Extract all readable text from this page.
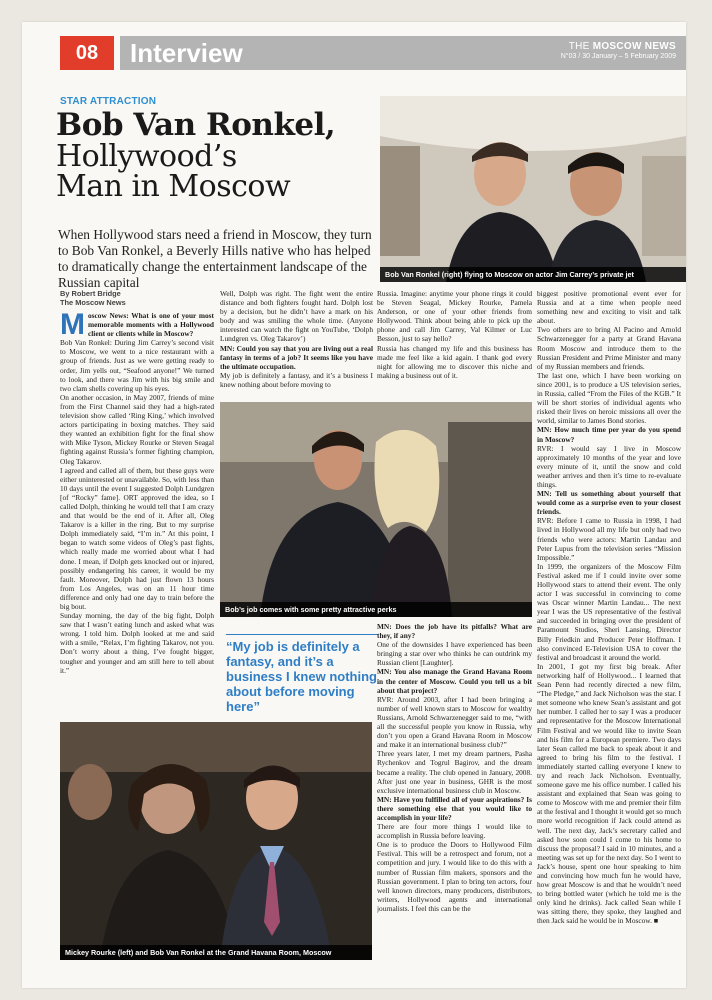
08	Interview	THE MOSCOW NEWS
N°03 / 30 January – 5 February 2009
STAR ATTRACTION
Bob Van Ronkel,
Hollywood’s
Man in Moscow
When Hollywood stars need a friend in Moscow, they turn to Bob Van Ronkel, a Beverly Hills native who has helped to dramatically change the entertainment landscape of the Russian capital
Bob Van Ronkel (right) flying to Moscow on actor Jim Carrey’s private jet
By Robert Bridge
The Moscow News

Moscow News: What is one of your most memorable moments with a Hollywood client or clients while in Moscow?

Bob Van Ronkel: During Jim Carrey’s second visit to Moscow, we went to a nice restaurant with a group of friends. Just as we were getting ready to order, Jim yells out, “Seafood anyone!” We turned to look, and there was Jim with his big smile and two clam shells covering up his eyes.

On another occasion, in May 2007, friends of mine from the First Channel said they had a high-rated television show called ‘Ring King,’ which involved actors participating in boxing matches. They said they wanted an exhibition fight for the final show with Mike Tyson, Mickey Rourke or Steven Seagal fighting against Russia’s former fighting champion, Oleg Takarov.

I agreed and called all of them, but these guys were either uninterested or unavailable. So, with less than 10 days until the event I suggested Dolph Lundgren [of “Rocky” fame]. ORT approved the idea, so I called Dolph, thinking he would tell that I am crazy and that would be the end of it. After all, Oleg Takarov is a killer in the ring. But to my surprise Dolph immediately said, “I’m in.” At this point, I began to watch some videos of Oleg’s past fights, which really made me worried about what I had done. I mean, if Dolph gets knocked out or injured, possibly endangering his career, it would be my fault. Moreover, Dolph had just flown 13 hours from Los Angeles, was on an 11 hour time difference and only had one day to train before the big bout.

Sunday morning, the day of the big fight, Dolph saw that I wasn’t eating lunch and asked what was wrong. I told him. Dolph looked at me and said with a smile, “Relax, I’m fighting Takarov, not you. Don’t worry about a thing, I’ve fought bigger, tougher and younger and am still here to tell about it.”

Well, Dolph was right. The fight went the entire distance and both fighters fought hard. Dolph lost by a decision, but he didn’t have a mark on his body and was smiling the whole time. (Anyone interested can watch the fight on YouTube, ‘Dolph Lundgren vs. Oleg Takarov’)

MN: Could you say that you are living out a real fantasy in terms of a job? It seems like you have the ultimate occupation.

My job is definitely a fantasy, and it’s a business I knew nothing about before moving to

Russia. Imagine: anytime your phone rings it could be Steven Seagal, Mickey Rourke, Pamela Anderson, or one of your other friends from Hollywood. Think about being able to pick up the phone and call Jim Carrey, Val Kilmer or Luc Besson, just to say hello?

Russia has changed my life and this business has made me feel like a kid again. I thank god every night for allowing me to discover this niche and making a business out of it.

Bob’s job comes with some pretty attractive perks
“My job is definitely a fantasy, and it’s a business I knew nothing about before moving here”

MN: Does the job have its pitfalls? What are they, if any?

One of the downsides I have experienced has been bringing a star over who thinks he can outdrink my Russian client [Laughter].

MN: You also manage the Grand Havana Room in the center of Moscow. Could you tell us a bit about that project?

RVR: Around 2003, after I had been bringing a number of well known stars to Moscow for wealthy Russians, Arnold Schwarzenegger said to me, “with all the successful people you know in Russia, why don’t you open a Grand Havana Room in Moscow and make it an international business club?”

Three years later, I met my dream partners, Pasha Rychenkov and Togrul Bagirov, and the dream became a reality. The club opened in January, 2008. After just one year in business, GHR is the most exclusive international business club in Moscow.

MN: Have you fulfilled all of your aspirations? Is there something else that you would like to accomplish in your life?

There are four more things I would like to accomplish in Russia before leaving.

One is to produce the Doors to Hollywood Film Festival. This will be a retrospect and forum, not a competition and jury. I would like to do this with a number of Russian film makers, sponsors and the Russian government. I plan to bring ten actors, four well known directors, many producers, distributors, writers, Hollywood agents and international journalists. I feel this can be the

biggest positive promotional event ever for Russia and at a time when people need something new and exciting to visit and talk about.

Two others are to bring Al Pacino and Arnold Schwarzenegger for a party at Grand Havana Room Moscow and introduce them to the Russian President and Prime Minister and many of my Russian members and friends.

The last one, which I have been working on since 2001, is to produce a US television series, in Russia, called “From the Files of the KGB.” It will be short stories of individual agents who risked their lives on heroic missions all over the world, similar to James Bond stories.

MN: How much time per year do you spend in Moscow?

RVR: I would say I live in Moscow approximately 10 months of the year and love every minute of it, until the snow and cold weather arrives and then it’s time to re-evaluate things.

MN: Tell us something about yourself that would come as a surprise even to your closest friends.

RVR: Before I came to Russia in 1998, I had lived in Hollywood all my life but only had two friends who were actors: Martin Landau and Peter Lupus from the television series “Mission Impossible.”

In 1999, the organizers of the Moscow Film Festival asked me if I could invite over some Hollywood stars to attend their event. The only actor I was successful in convincing to come was Oscar winner Martin Landau... The next year I was the US representative of the festival and succeeded in bringing over the president of Paramount Studios, Sheri Lansing, Director Billy Friedkin and Producer Peter Hoffman. I also convinced E-Television USA to cover the festival and broadcast it around the world.

In 2001, I got my first big break. After networking half of Hollywood... I learned that Sean Penn had recently directed a new film, “The Pledge,” and Jack Nicholson was the star. I met someone who knew Sean’s assistant and got her number. I called her to say I was a producer and representative for the Moscow International Film Festival and we would like to invite Sean and his film for a European premiere. Two days later Sean called me back to speak about it and agreed to bring his film to the festival. I immediately started calling everyone I knew to try and reach Jack Nicholson. Eventually, someone gave me his office number. I called his assistant and explained that Sean was going to come to Moscow with me and premier their film at the festival and I thought it would get so much more world recognition if Jack could attend as well. The next day, Jack’s secretary called and asked how soon could I come to his home to discuss the proposal? I said in 10 minutes, and a meeting was set up for the next day. So I went to Jack’s house, spent one hour speaking to him and convincing how much fun he would have, how great Moscow is and that he wouldn’t need to bring bottled water (which he told me is the only kind he drinks). Jack called Sean while I was sitting there, they spoke, they laughed and then Jack said he would be in Moscow. ■

Mickey Rourke (left) and Bob Van Ronkel at the Grand Havana Room, Moscow
